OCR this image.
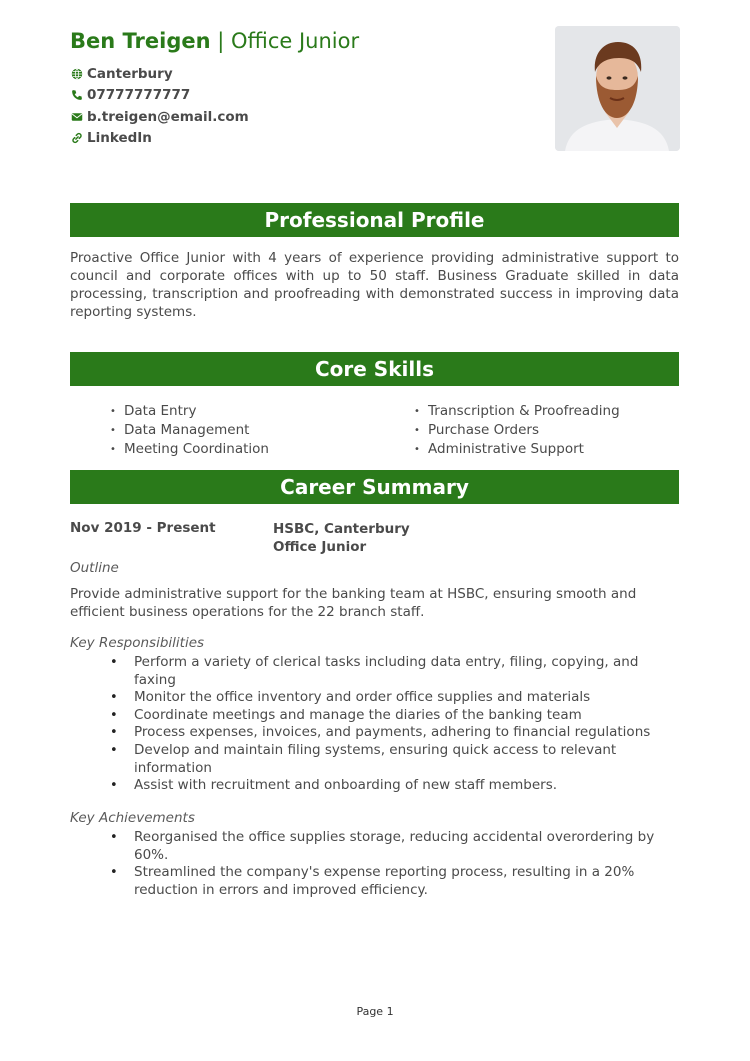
Ben Treigen | Office Junior
Canterbury
07777777777
b.treigen@email.com
LinkedIn
Professional Profile
Proactive Office Junior with 4 years of experience providing administrative support to council and corporate offices with up to 50 staff. Business Graduate skilled in data processing, transcription and proofreading with demonstrated success in improving data reporting systems.
Core Skills
• Data Entry
• Data Management
• Meeting Coordination
• Transcription & Proofreading
• Purchase Orders
• Administrative Support
Career Summary
Nov 2019 - Present	HSBC, Canterbury
Office Junior
Outline
Provide administrative support for the banking team at HSBC, ensuring smooth and efficient business operations for the 22 branch staff.
Key Responsibilities
• Perform a variety of clerical tasks including data entry, filing, copying, and faxing
• Monitor the office inventory and order office supplies and materials
• Coordinate meetings and manage the diaries of the banking team
• Process expenses, invoices, and payments, adhering to financial regulations
• Develop and maintain filing systems, ensuring quick access to relevant information
• Assist with recruitment and onboarding of new staff members.
Key Achievements
• Reorganised the office supplies storage, reducing accidental overordering by 60%.
• Streamlined the company's expense reporting process, resulting in a 20% reduction in errors and improved efficiency.
Page 1
